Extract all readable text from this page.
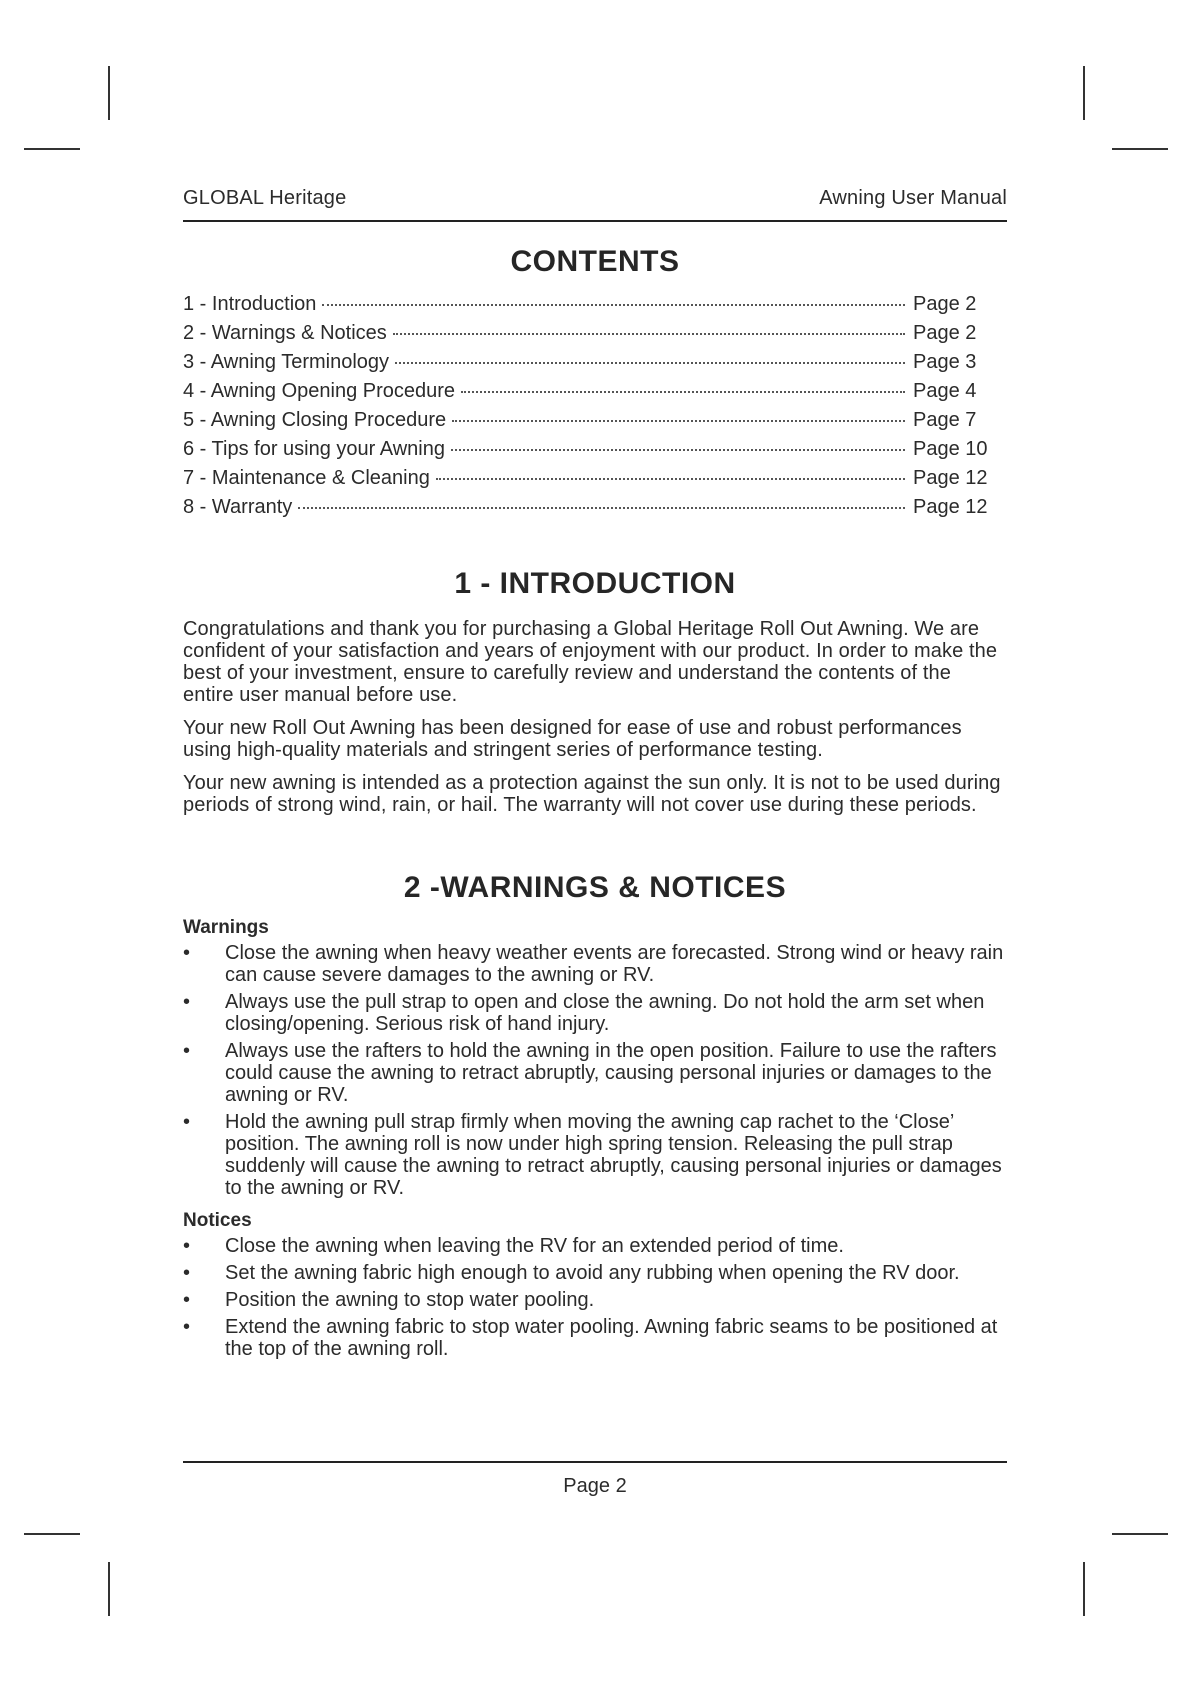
GLOBAL Heritage	Awning User Manual
CONTENTS
1 - Introduction	Page 2
2 - Warnings & Notices	Page 2
3 - Awning Terminology	Page 3
4 - Awning Opening Procedure	Page 4
5 - Awning Closing Procedure	Page 7
6 - Tips for using your Awning	Page 10
7 - Maintenance & Cleaning	Page 12
8 - Warranty	Page 12
1 - INTRODUCTION

Congratulations and thank you for purchasing a Global Heritage Roll Out Awning. We are confident of your satisfaction and years of enjoyment with our product. In order to make the best of your investment, ensure to carefully review and understand the contents of the entire user manual before use.

Your new Roll Out Awning has been designed for ease of use and robust performances using high-quality materials and stringent series of performance testing.

Your new awning is intended as a protection against the sun only. It is not to be used during periods of strong wind, rain, or hail. The warranty will not cover use during these periods.

2 -WARNINGS & NOTICES
Warnings
•	Close the awning when heavy weather events are forecasted. Strong wind or heavy rain can cause severe damages to the awning or RV.
•	Always use the pull strap to open and close the awning. Do not hold the arm set when closing/opening. Serious risk of hand injury.
•	Always use the rafters to hold the awning in the open position. Failure to use the rafters could cause the awning to retract abruptly, causing personal injuries or damages to the awning or RV.
•	Hold the awning pull strap firmly when moving the awning cap rachet to the ‘Close’ position. The awning roll is now under high spring tension. Releasing the pull strap suddenly will cause the awning to retract abruptly, causing personal injuries or damages to the awning or RV.
Notices
•	Close the awning when leaving the RV for an extended period of time.
•	Set the awning fabric high enough to avoid any rubbing when opening the RV door.
•	Position the awning to stop water pooling.
•	Extend the awning fabric to stop water pooling. Awning fabric seams to be positioned at the top of the awning roll.
Page 2
